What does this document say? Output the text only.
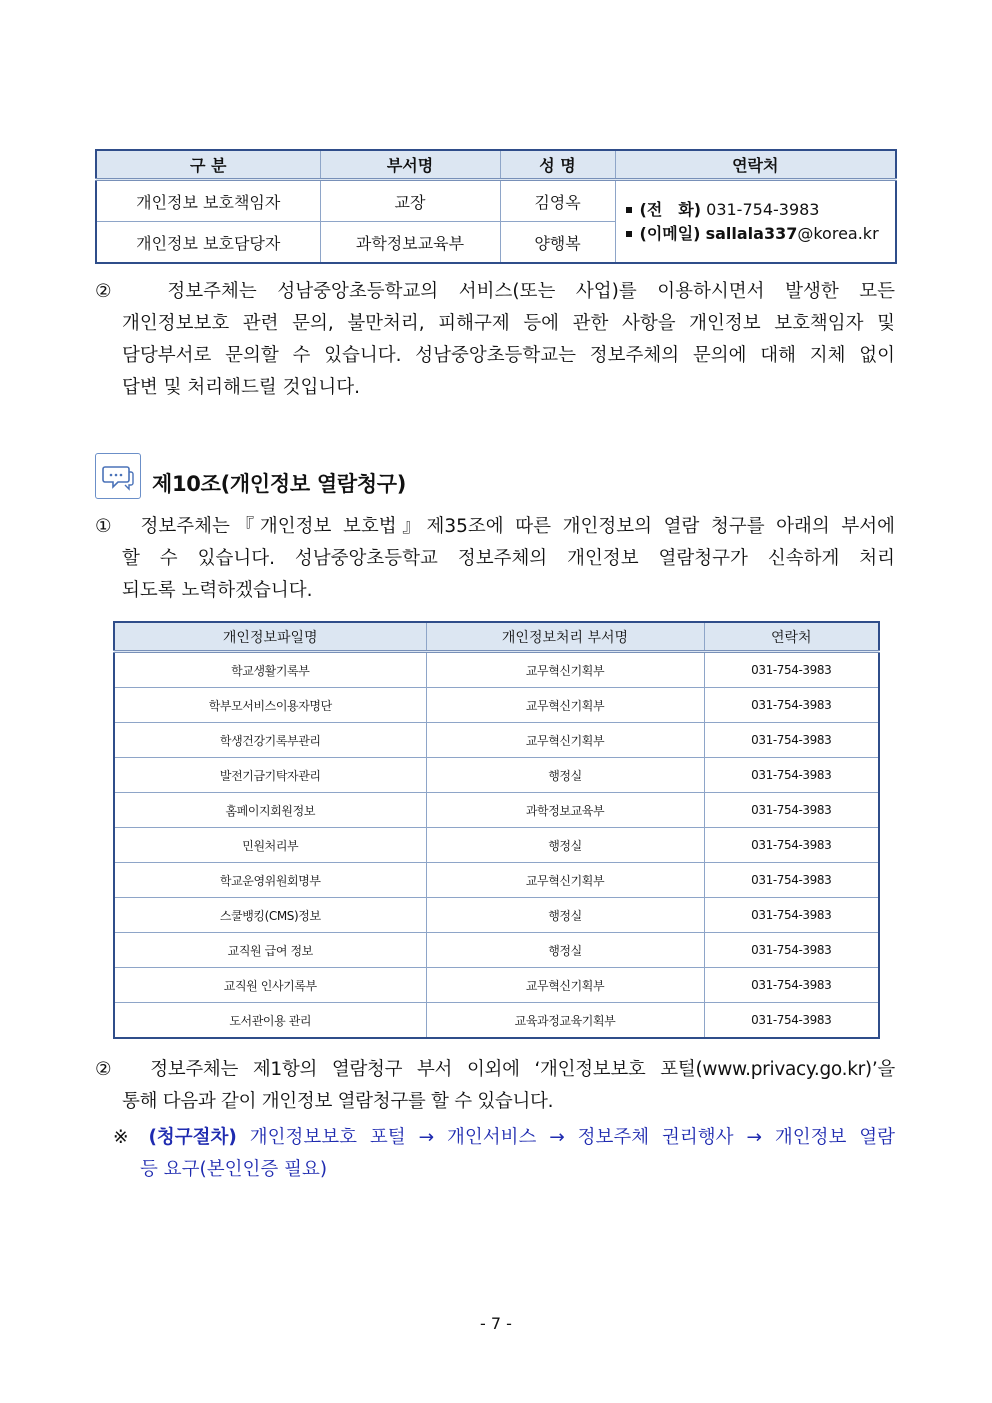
구 분	부서명	성 명	연락처
개인정보 보호책임자	교장	김영옥	(전　화) 031-754-3983
(이메일) sallala337@korea.kr

개인정보 보호담당자	과학정보교육부	양행복	
② 정보주체는 성남중앙초등학교의 서비스(또는 사업)를 이용하시면서 발생한 모든
개인정보보호 관련 문의, 불만처리, 피해구제 등에 관한 사항을 개인정보 보호책임자 및
담당부서로 문의할 수 있습니다. 성남중앙초등학교는 정보주체의 문의에 대해 지체 없이
답변 및 처리해드릴 것입니다.
제10조(개인정보 열람청구)
① 정보주체는『개인정보 보호법』제35조에 따른 개인정보의 열람 청구를 아래의 부서에
할 수 있습니다. 성남중앙초등학교 정보주체의 개인정보 열람청구가 신속하게 처리
되도록 노력하겠습니다.
개인정보파일명	개인정보처리 부서명	연락처
학교생활기록부	교무혁신기획부	031-754-3983
학부모서비스이용자명단	교무혁신기획부	031-754-3983
학생건강기록부관리	교무혁신기획부	031-754-3983
발전기금기탁자관리	행정실	031-754-3983
홈페이지회원정보	과학정보교육부	031-754-3983
민원처리부	행정실	031-754-3983
학교운영위원회명부	교무혁신기획부	031-754-3983
스쿨뱅킹(CMS)정보	행정실	031-754-3983
교직원 급여 정보	행정실	031-754-3983
교직원 인사기록부	교무혁신기획부	031-754-3983
도서관이용 관리	교육과정교육기획부	031-754-3983
② 정보주체는 제1항의 열람청구 부서 이외에 ‘개인정보보호 포털(www.privacy.go.kr)’을
통해 다음과 같이 개인정보 열람청구를 할 수 있습니다.
※ (청구절차) 개인정보보호 포털 → 개인서비스 → 정보주체 권리행사 → 개인정보 열람
등 요구(본인인증 필요)
- 7 -
